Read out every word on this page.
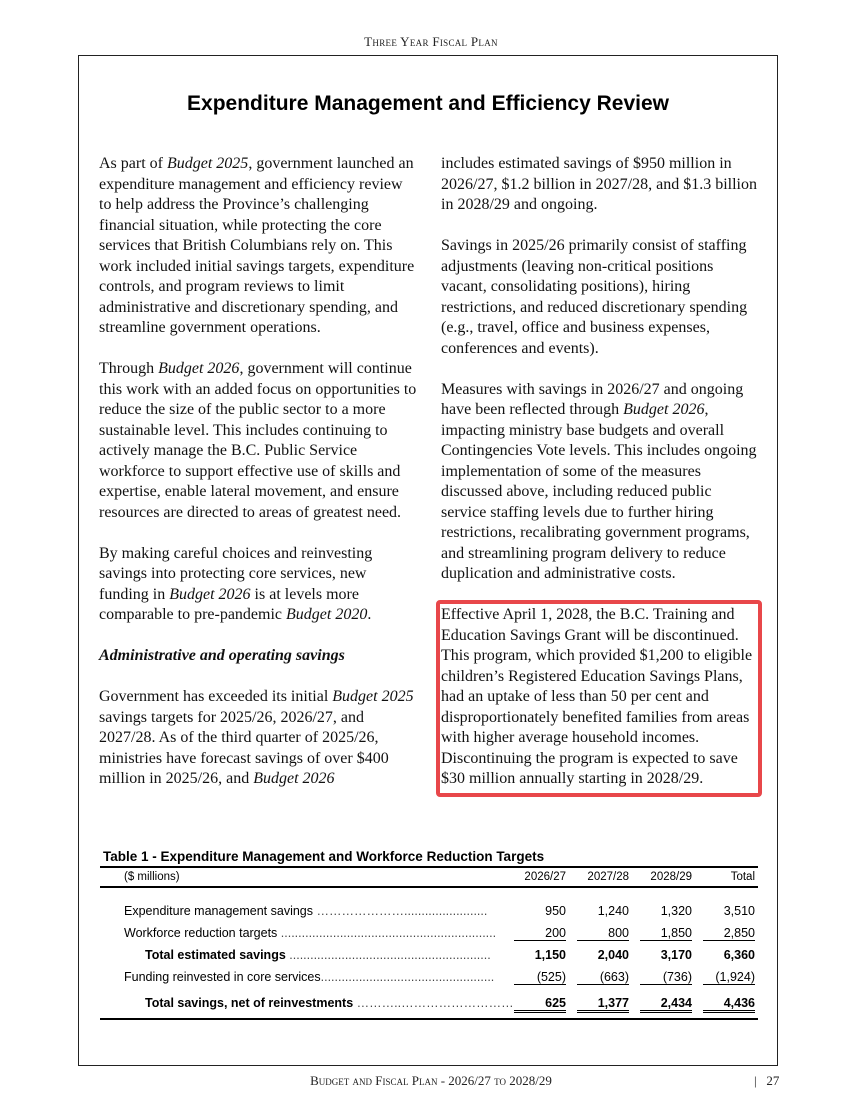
Three Year Fiscal Plan
Expenditure Management and Efficiency Review

As part of Budget 2025, government launched an expenditure management and efficiency review to help address the Province’s challenging financial situation, while protecting the core services that British Columbians rely on. This work included initial savings targets, expenditure controls, and program reviews to limit administrative and discretionary spending, and streamline government operations.

Through Budget 2026, government will continue this work with an added focus on opportunities to reduce the size of the public sector to a more sustainable level. This includes continuing to actively manage the B.C. Public Service workforce to support effective use of skills and expertise, enable lateral movement, and ensure resources are directed to areas of greatest need.

By making careful choices and reinvesting savings into protecting core services, new funding in Budget 2026 is at levels more comparable to pre-pandemic Budget 2020.

Administrative and operating savings

Government has exceeded its initial Budget 2025 savings targets for 2025/26, 2026/27, and 2027/28. As of the third quarter of 2025/26, ministries have forecast savings of over $400 million in 2025/26, and Budget 2026

includes estimated savings of $950 million in 2026/27, $1.2 billion in 2027/28, and $1.3 billion in 2028/29 and ongoing.

Savings in 2025/26 primarily consist of staffing adjustments (leaving non-critical positions vacant, consolidating positions), hiring restrictions, and reduced discretionary spending (e.g., travel, office and business expenses, conferences and events).

Measures with savings in 2026/27 and ongoing have been reflected through Budget 2026, impacting ministry base budgets and overall Contingencies Vote levels. This includes ongoing implementation of some of the measures discussed above, including reduced public service staffing levels due to further hiring restrictions, recalibrating government programs, and streamlining program delivery to reduce duplication and administrative costs.

Effective April 1, 2028, the B.C. Training and Education Savings Grant will be discontinued. This program, which provided $1,200 to eligible children’s Registered Education Savings Plans, had an uptake of less than 50 per cent and disproportionately benefited families from areas with higher average household incomes. Discontinuing the program is expected to save $30 million annually starting in 2028/29.

Table 1 - Expenditure Management and Workforce Reduction Targets
($ millions)	2026/27	2027/28	2028/29	Total
Expenditure management savings …………………........................	950	1,240	1,320	3,510
Workforce reduction targets ..............................................................	200	800	1,850	2,850
Total estimated savings ..........................................................	1,150	2,040	3,170	6,360
Funding reinvested in core services..................................................	(525)	(663)	(736)	(1,924)
Total savings, net of reinvestments ………..………………………	625	1,377	2,434	4,436
Budget and Fiscal Plan - 2026/27 to 2028/29	| 27
